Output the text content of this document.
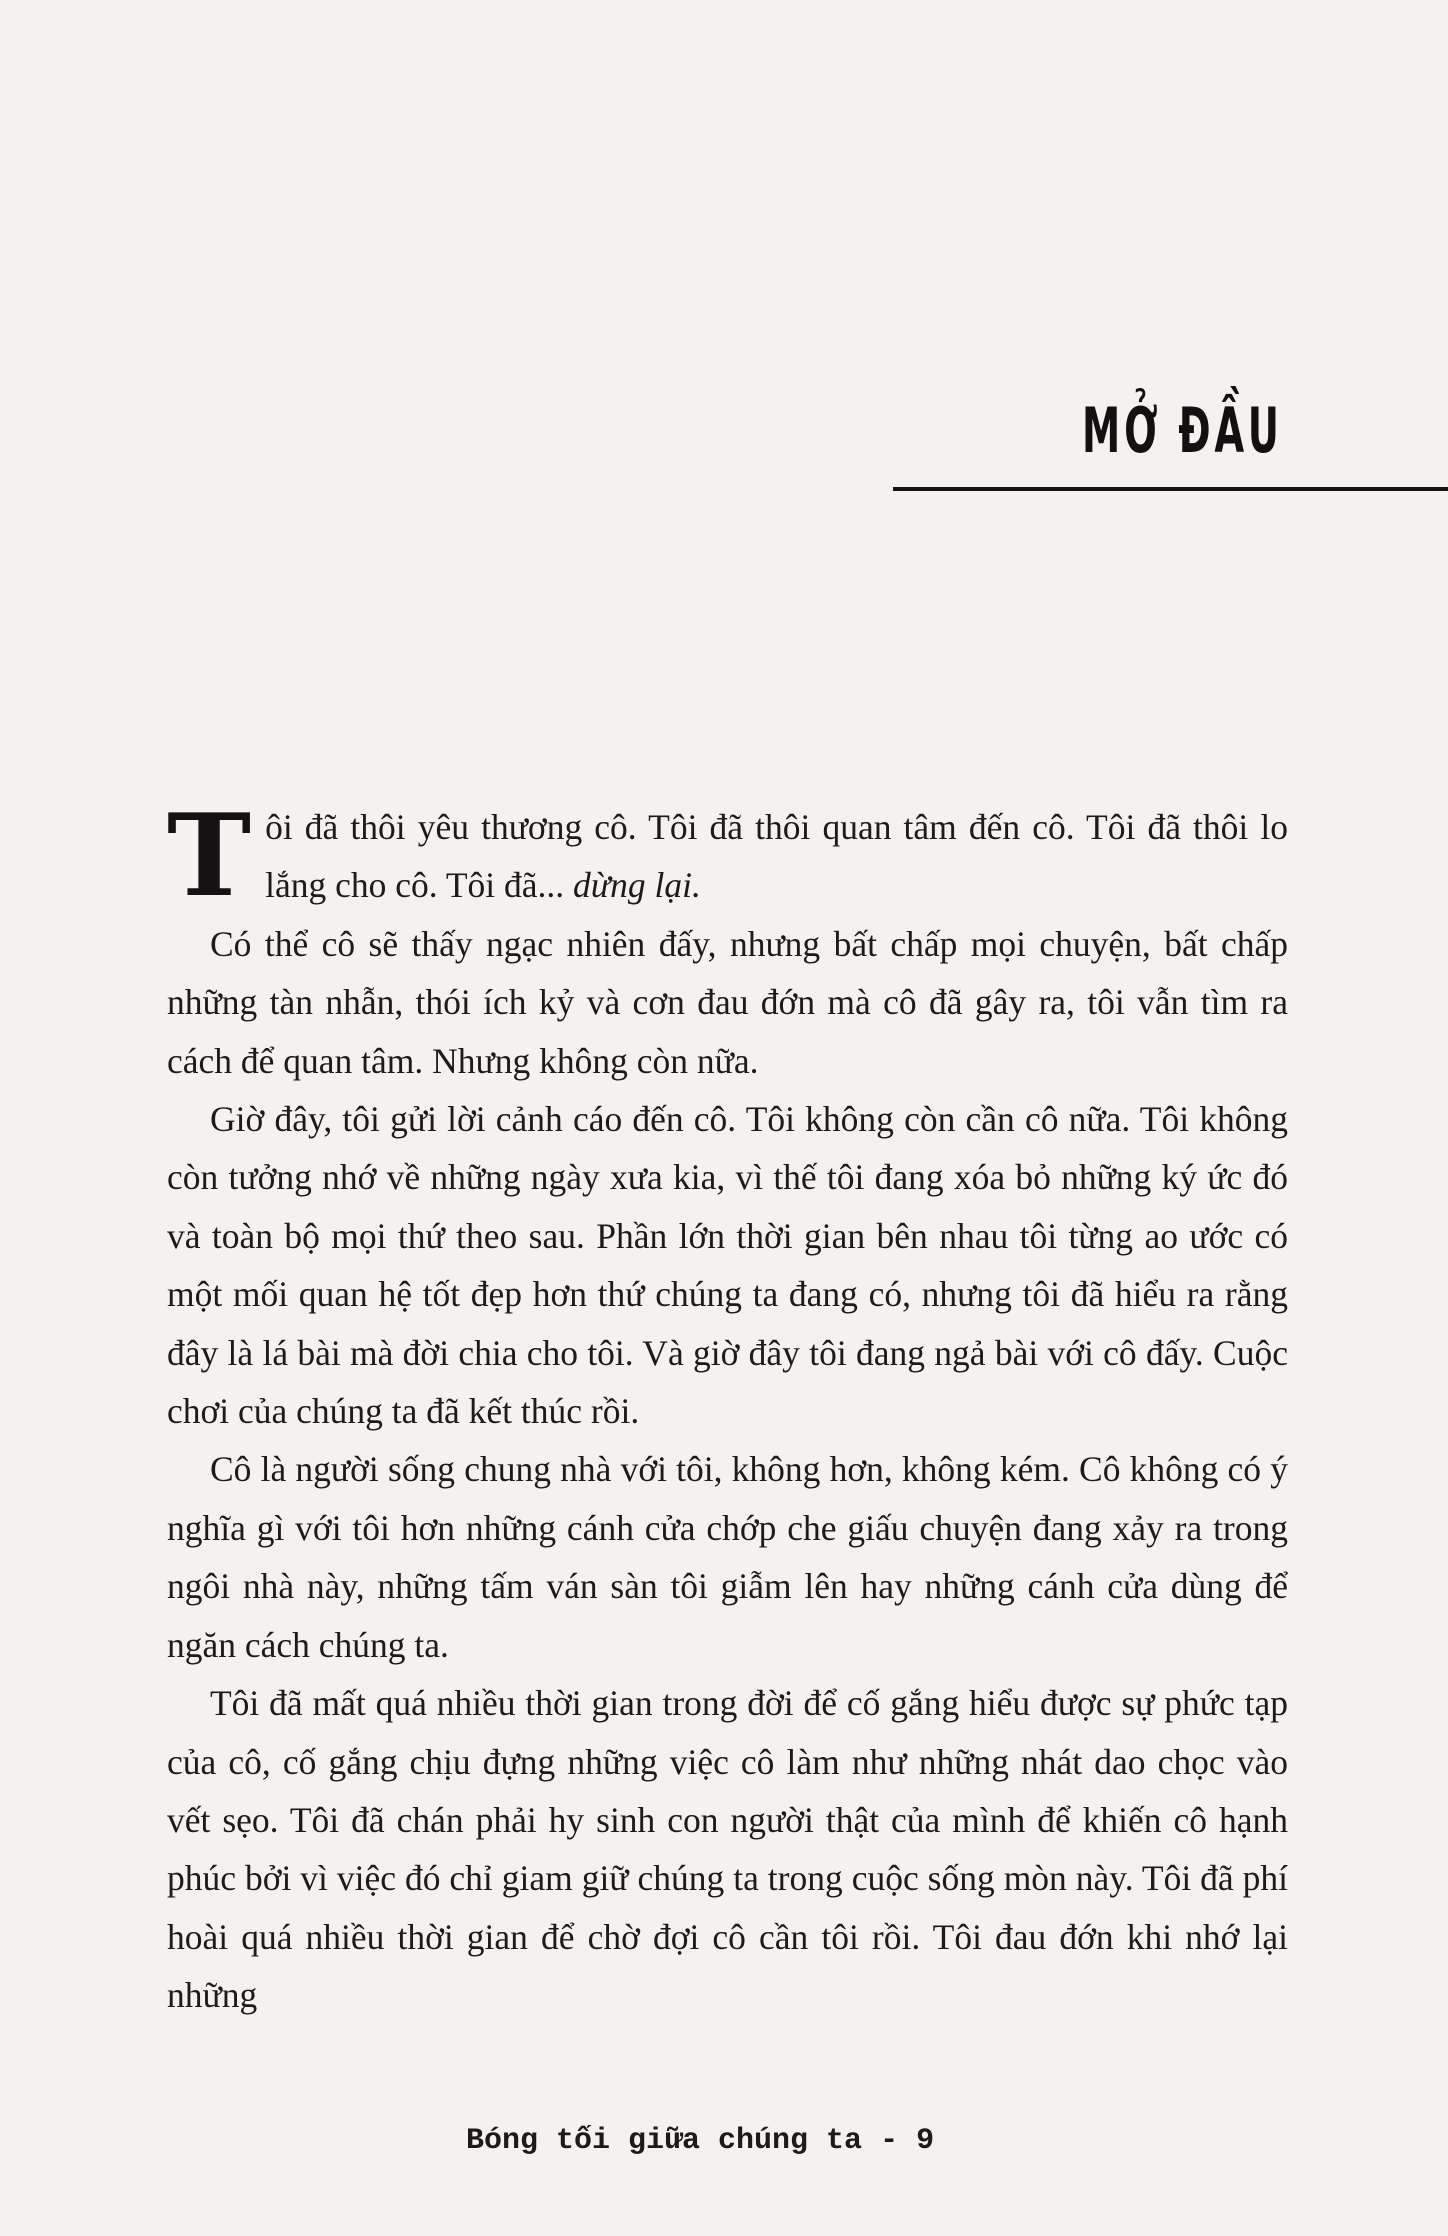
MỞ ĐẦU

Tôi đã thôi yêu thương cô. Tôi đã thôi quan tâm đến cô. Tôi đã thôi lo lắng cho cô. Tôi đã... dừng lại.

Có thể cô sẽ thấy ngạc nhiên đấy, nhưng bất chấp mọi chuyện, bất chấp những tàn nhẫn, thói ích kỷ và cơn đau đớn mà cô đã gây ra, tôi vẫn tìm ra cách để quan tâm. Nhưng không còn nữa.

Giờ đây, tôi gửi lời cảnh cáo đến cô. Tôi không còn cần cô nữa. Tôi không còn tưởng nhớ về những ngày xưa kia, vì thế tôi đang xóa bỏ những ký ức đó và toàn bộ mọi thứ theo sau. Phần lớn thời gian bên nhau tôi từng ao ước có một mối quan hệ tốt đẹp hơn thứ chúng ta đang có, nhưng tôi đã hiểu ra rằng đây là lá bài mà đời chia cho tôi. Và giờ đây tôi đang ngả bài với cô đấy. Cuộc chơi của chúng ta đã kết thúc rồi.

Cô là người sống chung nhà với tôi, không hơn, không kém. Cô không có ý nghĩa gì với tôi hơn những cánh cửa chớp che giấu chuyện đang xảy ra trong ngôi nhà này, những tấm ván sàn tôi giẫm lên hay những cánh cửa dùng để ngăn cách chúng ta.

Tôi đã mất quá nhiều thời gian trong đời để cố gắng hiểu được sự phức tạp của cô, cố gắng chịu đựng những việc cô làm như những nhát dao chọc vào vết sẹo. Tôi đã chán phải hy sinh con người thật của mình để khiến cô hạnh phúc bởi vì việc đó chỉ giam giữ chúng ta trong cuộc sống mòn này. Tôi đã phí hoài quá nhiều thời gian để chờ đợi cô cần tôi rồi. Tôi đau đớn khi nhớ lại những

Bóng tối giữa chúng ta - 9
